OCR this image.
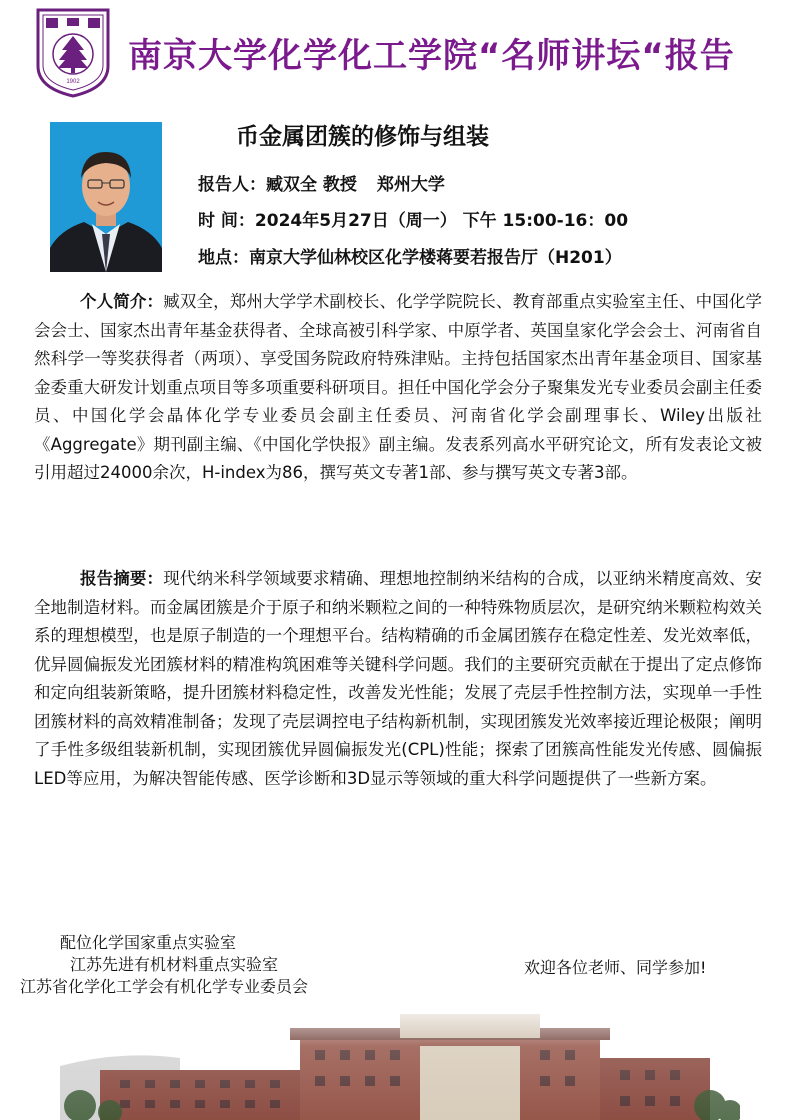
1902
南京大学化学化工学院“名师讲坛“报告
币金属团簇的修饰与组装
报告人：臧双全 教授 郑州大学
时 间：2024年5月27日（周一） 下午 15:00-16：00
地点：南京大学仙林校区化学楼蒋要若报告厅（H201）
个人简介：臧双全，郑州大学学术副校长、化学学院院长、教育部重点实验室主任、中国化学会会士、国家杰出青年基金获得者、全球高被引科学家、中原学者、英国皇家化学会会士、河南省自然科学一等奖获得者（两项）、享受国务院政府特殊津贴。主持包括国家杰出青年基金项目、国家基金委重大研发计划重点项目等多项重要科研项目。担任中国化学会分子聚集发光专业委员会副主任委员、中国化学会晶体化学专业委员会副主任委员、河南省化学会副理事长、Wiley出版社《Aggregate》期刊副主编、《中国化学快报》副主编。发表系列高水平研究论文，所有发表论文被引用超过24000余次，H-index为86，撰写英文专著1部、参与撰写英文专著3部。
报告摘要：现代纳米科学领域要求精确、理想地控制纳米结构的合成，以亚纳米精度高效、安全地制造材料。而金属团簇是介于原子和纳米颗粒之间的一种特殊物质层次，是研究纳米颗粒构效关系的理想模型，也是原子制造的一个理想平台。结构精确的币金属团簇存在稳定性差、发光效率低，优异圆偏振发光团簇材料的精准构筑困难等关键科学问题。我们的主要研究贡献在于提出了定点修饰和定向组装新策略，提升团簇材料稳定性，改善发光性能；发展了壳层手性控制方法，实现单一手性团簇材料的高效精准制备；发现了壳层调控电子结构新机制，实现团簇发光效率接近理论极限；阐明了手性多级组装新机制，实现团簇优异圆偏振发光(CPL)性能；探索了团簇高性能发光传感、圆偏振LED等应用，为解决智能传感、医学诊断和3D显示等领域的重大科学问题提供了一些新方案。
配位化学国家重点实验室
江苏先进有机材料重点实验室
江苏省化学化工学会有机化学专业委员会
欢迎各位老师、同学参加!
